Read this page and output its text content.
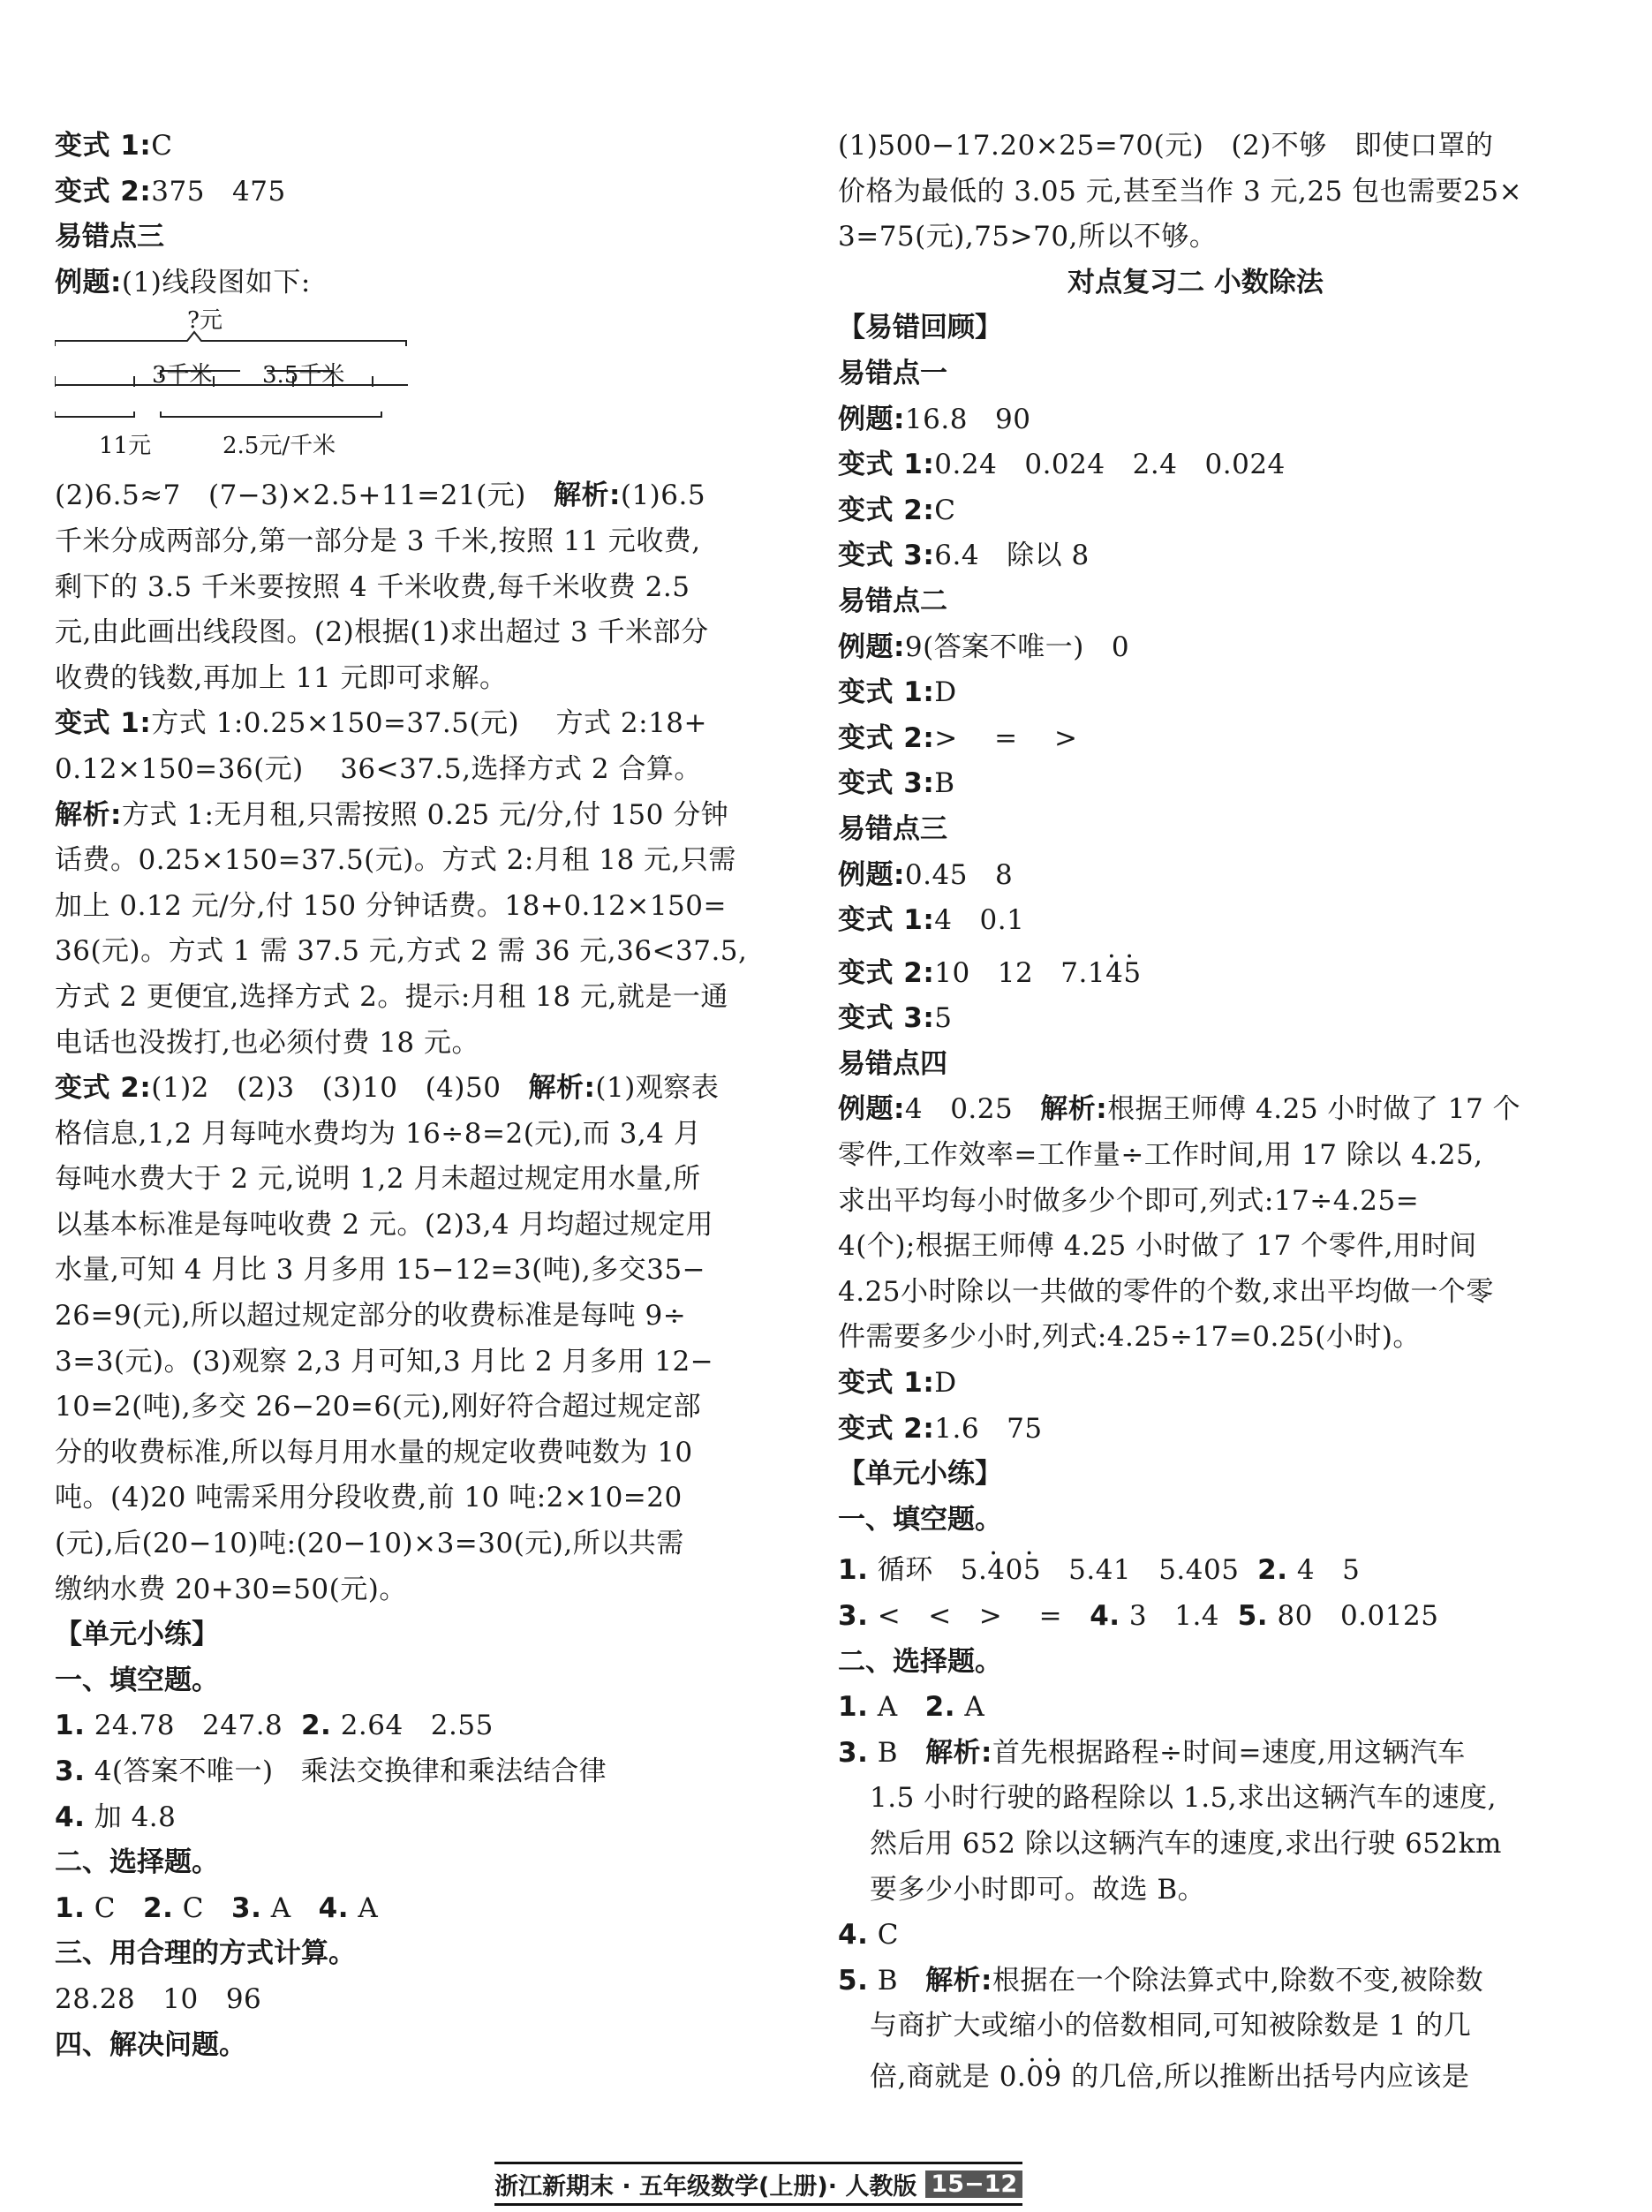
变式 1:C
变式 2:375   475
易错点三
例题:(1)线段图如下:
?元
3千米 3.5千米
11元	2.5元/千米
(2)6.5≈7   (7−3)×2.5+11=21(元)   解析:(1)6.5
千米分成两部分,第一部分是 3 千米,按照 11 元收费,
剩下的 3.5 千米要按照 4 千米收费,每千米收费 2.5
元,由此画出线段图。(2)根据(1)求出超过 3 千米部分
收费的钱数,再加上 11 元即可求解。
变式 1:方式 1:0.25×150=37.5(元)    方式 2:18+
0.12×150=36(元)    36<37.5,选择方式 2 合算。
解析:方式 1:无月租,只需按照 0.25 元/分,付 150 分钟
话费。0.25×150=37.5(元)。方式 2:月租 18 元,只需
加上 0.12 元/分,付 150 分钟话费。18+0.12×150=
36(元)。方式 1 需 37.5 元,方式 2 需 36 元,36<37.5,
方式 2 更便宜,选择方式 2。提示:月租 18 元,就是一通
电话也没拨打,也必须付费 18 元。
变式 2:(1)2   (2)3   (3)10   (4)50   解析:(1)观察表
格信息,1,2 月每吨水费均为 16÷8=2(元),而 3,4 月
每吨水费大于 2 元,说明 1,2 月未超过规定用水量,所
以基本标准是每吨收费 2 元。(2)3,4 月均超过规定用
水量,可知 4 月比 3 月多用 15−12=3(吨),多交35−
26=9(元),所以超过规定部分的收费标准是每吨 9÷
3=3(元)。(3)观察 2,3 月可知,3 月比 2 月多用 12−
10=2(吨),多交 26−20=6(元),刚好符合超过规定部
分的收费标准,所以每月用水量的规定收费吨数为 10
吨。(4)20 吨需采用分段收费,前 10 吨:2×10=20
(元),后(20−10)吨:(20−10)×3=30(元),所以共需
缴纳水费 20+30=50(元)。
【单元小练】
一、填空题。
1. 24.78   247.8  2. 2.64   2.55
3. 4(答案不唯一)   乘法交换律和乘法结合律
4. 加 4.8
二、选择题。
1. C   2. C   3. A   4. A
三、用合理的方式计算。
28.28   10   96
四、解决问题。
(1)500−17.20×25=70(元)   (2)不够   即使口罩的
价格为最低的 3.05 元,甚至当作 3 元,25 包也需要25×
3=75(元),75>70,所以不够。
对点复习二 小数除法
【易错回顾】
易错点一
例题:16.8   90
变式 1:0.24   0.024   2.4   0.024
变式 2:C
变式 3:6.4   除以 8
易错点二
例题:9(答案不唯一)   0
变式 1:D
变式 2:>    =    >
变式 3:B
易错点三
例题:0.45   8
变式 1:4   0.1
变式 2:10   12   7.1· 4· 5
变式 3:5
易错点四
例题:4   0.25   解析:根据王师傅 4.25 小时做了 17 个
零件,工作效率=工作量÷工作时间,用 17 除以 4.25,
求出平均每小时做多少个即可,列式:17÷4.25=
4(个);根据王师傅 4.25 小时做了 17 个零件,用时间
4.25小时除以一共做的零件的个数,求出平均做一个零
件需要多少小时,列式:4.25÷17=0.25(小时)。
变式 1:D
变式 2:1.6   75
【单元小练】
一、填空题。
1. 循环   5.· 40· 5   5.41   5.405  2. 4   5
3. <   <   >    =   4. 3   1.4  5. 80   0.0125
二、选择题。
1. A   2. A
3. B   解析:首先根据路程÷时间=速度,用这辆汽车
1.5 小时行驶的路程除以 1.5,求出这辆汽车的速度,
然后用 652 除以这辆汽车的速度,求出行驶 652km
要多少小时即可。故选 B。
4. C
5. B   解析:根据在一个除法算式中,除数不变,被除数
与商扩大或缩小的倍数相同,可知被除数是 1 的几
倍,商就是 0.· 0· 9 的几倍,所以推断出括号内应该是
浙江新期末 · 五年级数学(上册)· 人教版 15−12
